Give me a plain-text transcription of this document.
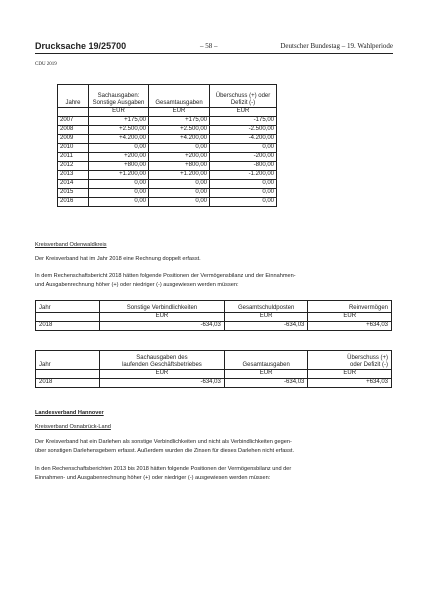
Drucksache 19/25700	– 58 –	Deutscher Bundestag – 19. Wahlperiode
CDU 2019
Jahre	Sachausgaben:
Sonstige Ausgaben	Gesamtausgaben	Überschuss (+) oder
Defizit (-)
	EUR	EUR	EUR
2007	+175,00	+175,00	-175,00
2008	+2.500,00	+2.500,00	-2.500,00
2009	+4.200,00	+4.200,00	-4.200,00
2010	0,00	0,00	0,00
2011	+200,00	+200,00	-200,00
2012	+800,00	+800,00	-800,00
2013	+1.200,00	+1.200,00	-1.200,00
2014	0,00	0,00	0,00
2015	0,00	0,00	0,00
2016	0,00	0,00	0,00
Kreisverband Odenwaldkreis
Der Kreisverband hat im Jahr 2018 eine Rechnung doppelt erfasst.
In dem Rechenschaftsbericht 2018 hätten folgende Positionen der Vermögensbilanz und der Einnahmen-
und Ausgabenrechnung höher (+) oder niedriger (-) ausgewiesen werden müssen:
Jahr	Sonstige Verbindlichkeiten	Gesamtschuldposten	Reinvermögen
	EUR	EUR	EUR
2018	-634,03	-634,03	+634,03
Jahr	Sachausgaben des
laufenden Geschäftsbetriebes	Gesamtausgaben	Überschuss (+)
oder Defizit (-)
	EUR	EUR	EUR
2018	-634,03	-634,03	+634,03
Landesverband Hannover
Kreisverband Osnabrück-Land
Der Kreisverband hat ein Darlehen als sonstige Verbindlichkeiten und nicht als Verbindlichkeiten gegen-
über sonstigen Darlehensgebern erfasst. Außerdem wurden die Zinsen für dieses Darlehen nicht erfasst.
In den Rechenschaftsberichten 2013 bis 2018 hätten folgende Positionen der Vermögensbilanz und der
Einnahmen- und Ausgabenrechnung höher (+) oder niedriger (-) ausgewiesen werden müssen:
